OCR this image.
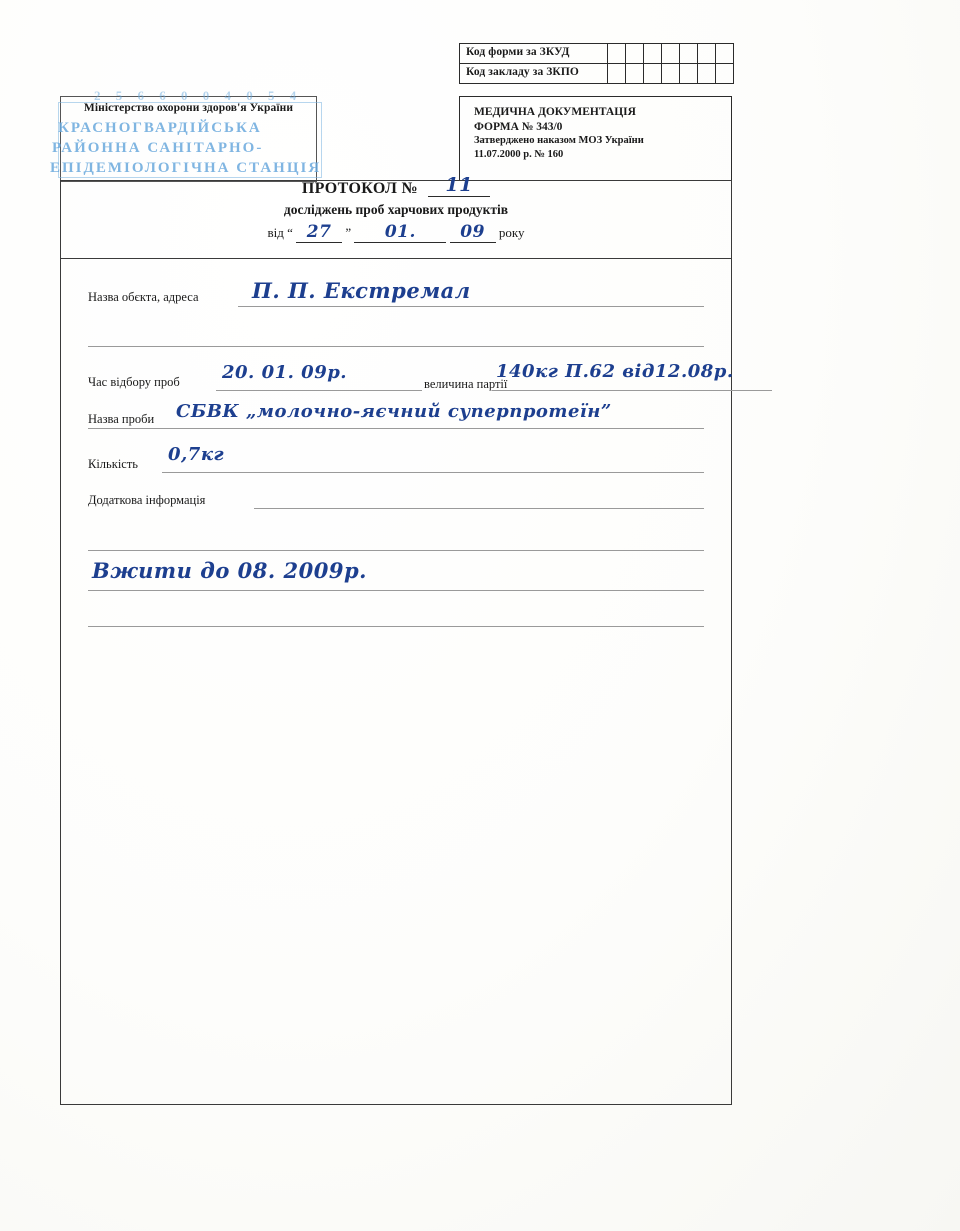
Код форми за ЗКУД
Код закладу за ЗКПО
Міністерство охорони здоров'я України
2 5 6 6 0 0 4 0 5 4
КРАСНОГВАРДІЙСЬКА
РАЙОННА САНІТАРНО-
ЕПІДЕМІОЛОГІЧНА СТАНЦІЯ
МЕДИЧНА ДОКУМЕНТАЦІЯ
ФОРМА № 343/0
Затверджено наказом МОЗ України
11.07.2000 р. № 160
ПРОТОКОЛ № 11
досліджень проб харчових продуктів
від “ 27 ” 01.	09 року
Назва обєкта, адреса	П. П. Екстремал
Час відбору проб 20. 01. 09р.
величина партії
140кг П.62 від12.08р.
Назва проби СБВК „молочно-яєчний суперпротеїн”
Кількість 0,7кг
Додаткова інформація
Вжити до 08. 2009р.
